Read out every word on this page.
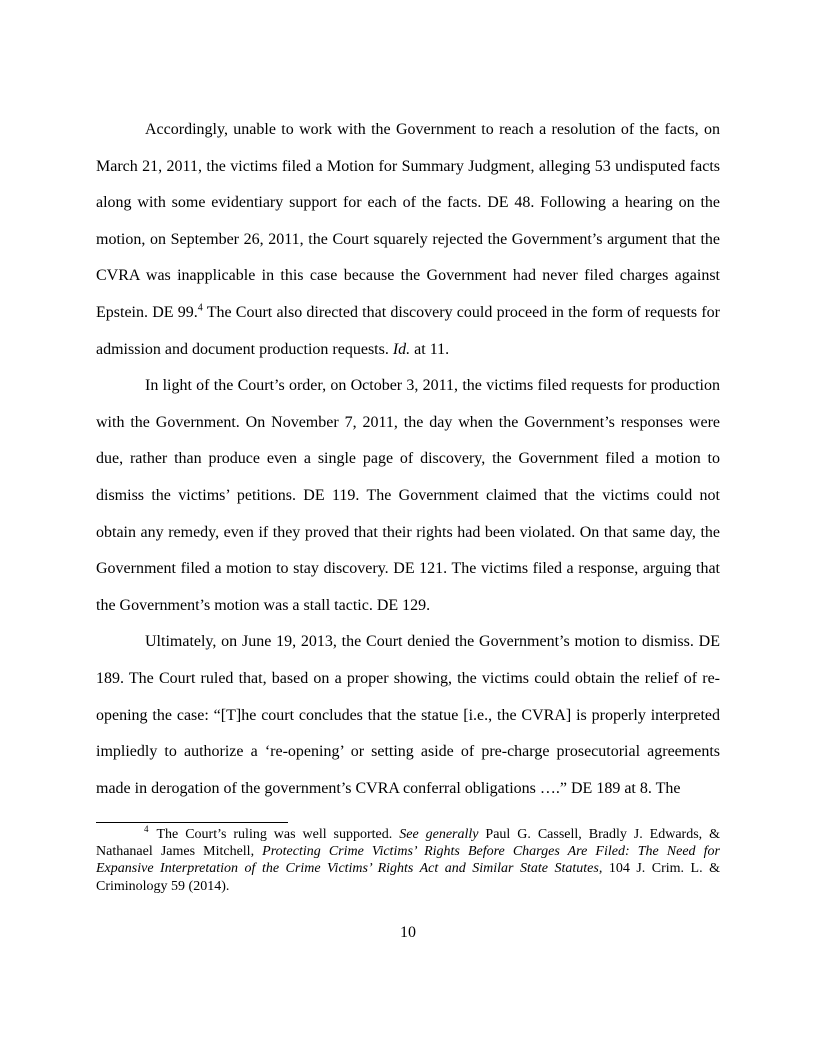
Accordingly, unable to work with the Government to reach a resolution of the facts, on March 21, 2011, the victims filed a Motion for Summary Judgment, alleging 53 undisputed facts along with some evidentiary support for each of the facts. DE 48. Following a hearing on the motion, on September 26, 2011, the Court squarely rejected the Government’s argument that the CVRA was inapplicable in this case because the Government had never filed charges against Epstein. DE 99.$^4$ The Court also directed that discovery could proceed in the form of requests for admission and document production requests. Id. at 11.

In light of the Court’s order, on October 3, 2011, the victims filed requests for production with the Government. On November 7, 2011, the day when the Government’s responses were due, rather than produce even a single page of discovery, the Government filed a motion to dismiss the victims’ petitions. DE 119. The Government claimed that the victims could not obtain any remedy, even if they proved that their rights had been violated. On that same day, the Government filed a motion to stay discovery. DE 121. The victims filed a response, arguing that the Government’s motion was a stall tactic. DE 129.

Ultimately, on June 19, 2013, the Court denied the Government’s motion to dismiss. DE 189. The Court ruled that, based on a proper showing, the victims could obtain the relief of re-opening the case: “[T]he court concludes that the statue [i.e., the CVRA] is properly interpreted impliedly to authorize a ‘re-opening’ or setting aside of pre-charge prosecutorial agreements made in derogation of the government’s CVRA conferral obligations ….” DE 189 at 8. The

$^4$ The Court’s ruling was well supported. See generally Paul G. Cassell, Bradly J. Edwards, & Nathanael James Mitchell, Protecting Crime Victims’ Rights Before Charges Are Filed: The Need for Expansive Interpretation of the Crime Victims’ Rights Act and Similar State Statutes, 104 J. Crim. L. & Criminology 59 (2014).

10
